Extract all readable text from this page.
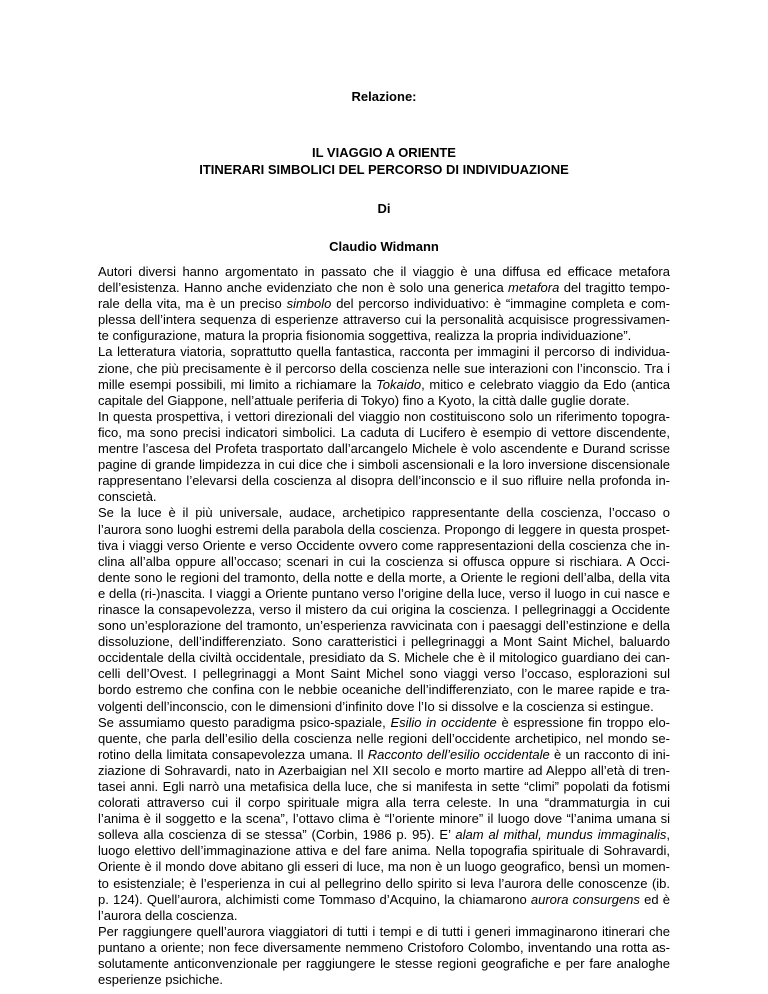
Relazione:
IL VIAGGIO A ORIENTE
ITINERARI SIMBOLICI DEL PERCORSO DI INDIVIDUAZIONE
Di
Claudio Widmann

Autori diversi hanno argomentato in passato che il viaggio è una diffusa ed efficace metafora
dell’esistenza. Hanno anche evidenziato che non è solo una generica metafora del tragitto tempo-
rale della vita, ma è un preciso simbolo del percorso individuativo: è “immagine completa e com-
plessa dell’intera sequenza di esperienze attraverso cui la personalità acquisisce progressivamen-
te configurazione, matura la propria fisionomia soggettiva, realizza la propria individuazione”.

La letteratura viatoria, soprattutto quella fantastica, racconta per immagini il percorso di individua-
zione, che più precisamente è il percorso della coscienza nelle sue interazioni con l’inconscio. Tra i
mille esempi possibili, mi limito a richiamare la Tokaido, mitico e celebrato viaggio da Edo (antica
capitale del Giappone, nell’attuale periferia di Tokyo) fino a Kyoto, la città dalle guglie dorate.

In questa prospettiva, i vettori direzionali del viaggio non costituiscono solo un riferimento topogra-
fico, ma sono precisi indicatori simbolici. La caduta di Lucifero è esempio di vettore discendente,
mentre l’ascesa del Profeta trasportato dall’arcangelo Michele è volo ascendente e Durand scrisse
pagine di grande limpidezza in cui dice che i simboli ascensionali e la loro inversione discensionale
rappresentano l’elevarsi della coscienza al disopra dell’inconscio e il suo rifluire nella profonda in-
conscietà.

Se la luce è il più universale, audace, archetipico rappresentante della coscienza, l’occaso o
l’aurora sono luoghi estremi della parabola della coscienza. Propongo di leggere in questa prospet-
tiva i viaggi verso Oriente e verso Occidente ovvero come rappresentazioni della coscienza che in-
clina all’alba oppure all’occaso; scenari in cui la coscienza si offusca oppure si rischiara. A Occi-
dente sono le regioni del tramonto, della notte e della morte, a Oriente le regioni dell’alba, della vita
e della (ri-)nascita. I viaggi a Oriente puntano verso l’origine della luce, verso il luogo in cui nasce e
rinasce la consapevolezza, verso il mistero da cui origina la coscienza. I pellegrinaggi a Occidente
sono un’esplorazione del tramonto, un’esperienza ravvicinata con i paesaggi dell’estinzione e della
dissoluzione, dell’indifferenziato. Sono caratteristici i pellegrinaggi a Mont Saint Michel, baluardo
occidentale della civiltà occidentale, presidiato da S. Michele che è il mitologico guardiano dei can-
celli dell’Ovest. I pellegrinaggi a Mont Saint Michel sono viaggi verso l’occaso, esplorazioni sul
bordo estremo che confina con le nebbie oceaniche dell’indifferenziato, con le maree rapide e tra-
volgenti dell’inconscio, con le dimensioni d’infinito dove l’Io si dissolve e la coscienza si estingue.

Se assumiamo questo paradigma psico-spaziale, Esilio in occidente è espressione fin troppo elo-
quente, che parla dell’esilio della coscienza nelle regioni dell’occidente archetipico, nel mondo se-
rotino della limitata consapevolezza umana. Il Racconto dell’esilio occidentale è un racconto di ini-
ziazione di Sohravardi, nato in Azerbaigian nel XII secolo e morto martire ad Aleppo all’età di tren-
tasei anni. Egli narrò una metafisica della luce, che si manifesta in sette “climi” popolati da fotismi
colorati attraverso cui il corpo spirituale migra alla terra celeste. In una “drammaturgia in cui
l’anima è il soggetto e la scena”, l’ottavo clima è “l’oriente minore” il luogo dove “l’anima umana si
solleva alla coscienza di se stessa” (Corbin, 1986 p. 95). E’ alam al mithal, mundus immaginalis,
luogo elettivo dell’immaginazione attiva e del fare anima. Nella topografia spirituale di Sohravardi,
Oriente è il mondo dove abitano gli esseri di luce, ma non è un luogo geografico, bensì un momen-
to esistenziale; è l’esperienza in cui al pellegrino dello spirito si leva l’aurora delle conoscenze (ib.
p. 124). Quell’aurora, alchimisti come Tommaso d’Acquino, la chiamarono aurora consurgens ed è
l’aurora della coscienza.

Per raggiungere quell’aurora viaggiatori di tutti i tempi e di tutti i generi immaginarono itinerari che
puntano a oriente; non fece diversamente nemmeno Cristoforo Colombo, inventando una rotta as-
solutamente anticonvenzionale per raggiungere le stesse regioni geografiche e per fare analoghe
esperienze psichiche.
